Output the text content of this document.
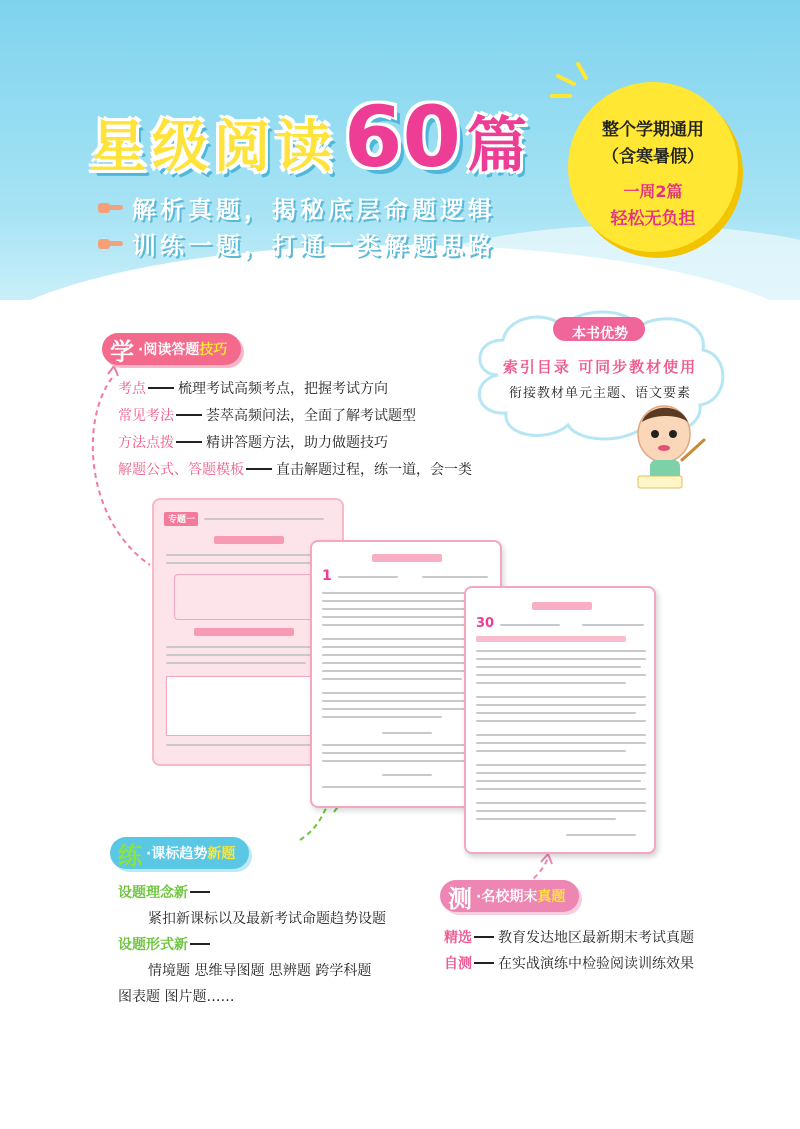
星级阅读 60 篇
解析真题，揭秘底层命题逻辑
训练一题，打通一类解题思路
整个学期通用
（含寒暑假）
一周2篇
轻松无负担
学 ·阅读答题 技巧
考点 梳理考试高频考点，把握考试方向
常见考法 荟萃高频问法，全面了解考试题型
方法点拨 精讲答题方法，助力做题技巧
解题公式、答题模板 直击解题过程，练一道，会一类
本书优势
索引目录 可同步教材使用
衔接教材单元主题、语文要素
专题一
1
30
练 ·课标趋势 新题
设题理念新
紧扣新课标以及最新考试命题趋势设题
设题形式新
情境题 思维导图题 思辨题 跨学科题
图表题 图片题……
测 ·名校期末 真题
精选 教育发达地区最新期末考试真题
自测 在实战演练中检验阅读训练效果
